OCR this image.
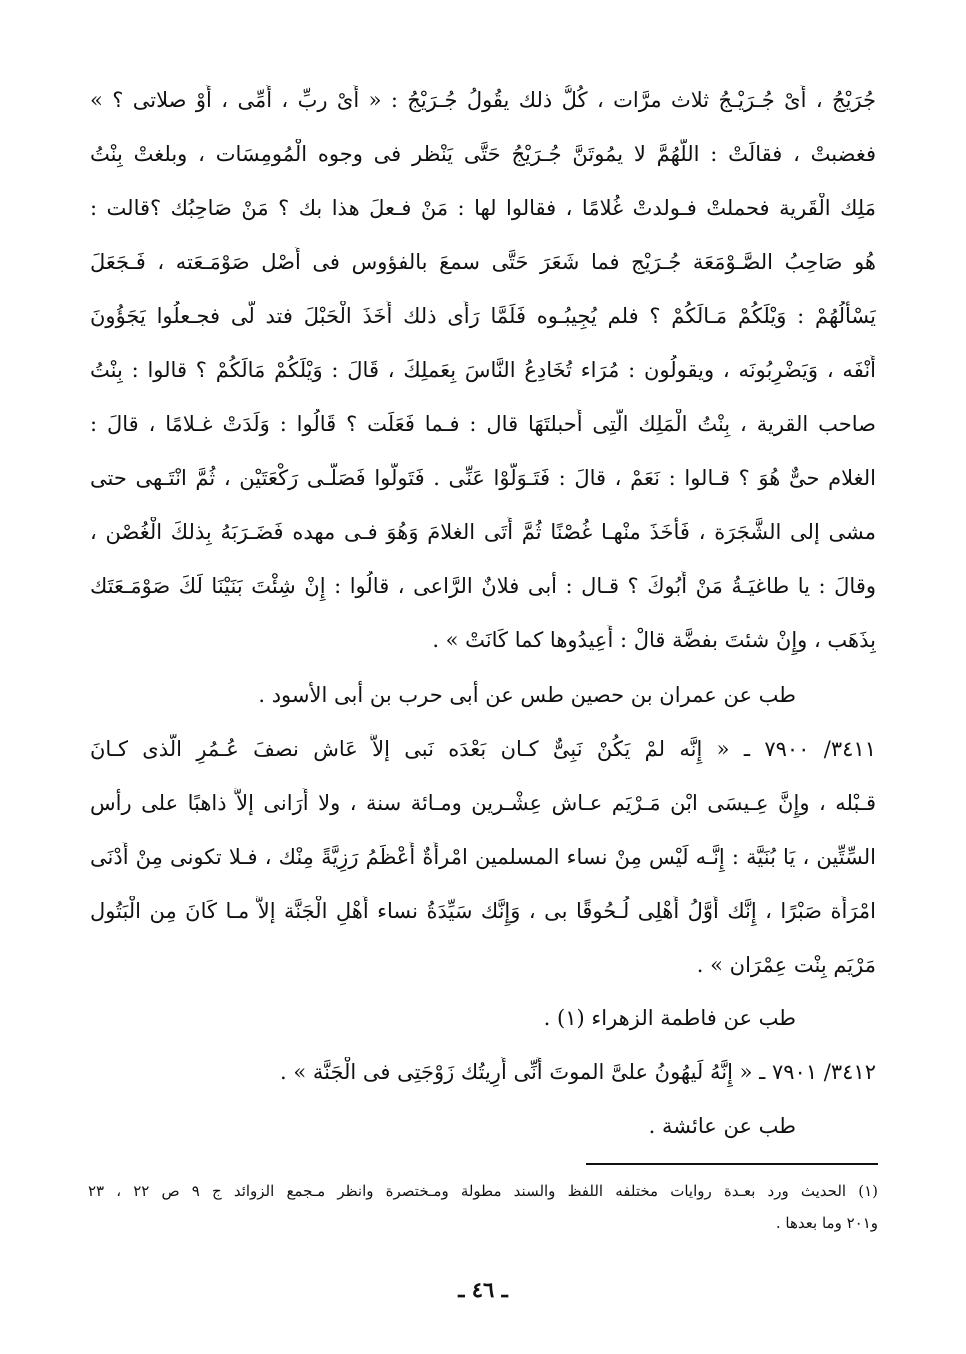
جُرَيْجُ ، أَىْ جُـرَيْـجُ ثلاث مرَّات ، كُلُّ ذلك يقُولُ جُـرَيْجُ : « أَىْ ربِّ ، أُمِّى ، أَوْ صلاتى ؟ »
فغضبتْ ، فقالَتْ : اللَّهُمَّ لا يمُوتَنَّ جُـرَيْجُ حَتَّى يَنْظر فى وجوه الْمُومِسَات ، وبلغتْ بِنْتُ
مَلِك الْقَرية فحملتْ فـولدتْ غُلامًا ، فقالوا لها : مَنْ فـعلَ هذا بك ؟ مَنْ صَاحِبُك ؟قالت :
هُو صَاحِبُ الصَّـوْمَعَة جُـرَيْج فما شَعَرَ حَتَّى سمعَ بالفؤوس فى أَصْل صَوْمَـعَته ، فَـجَعَلَ
يَسْأَلُهُمْ : وَيْلَكُمْ مَـالَكُمْ ؟ فلم يُجِيبُـوه فَلَمَّا رَأَى ذلك أَخَذَ الْحَبْلَ فتد لَّى فجـعلُوا يَجَؤُونَ
أَنْفَه ، وَيَضْرِبُونَه ، ويقولُون : مُرَاء تُخَادِعُ النَّاسَ بِعَملِكَ ، قَالَ : وَيْلَكُمْ مَالَكُمْ ؟ قالوا : بِنْتُ
صاحب القرية ، بِنْتُ الْمَلِك الَّتِى أَحبلتَهَا قال : فـما فَعَلَت ؟ قَالُوا : وَلَدَتْ غـلامًا ، قالَ :
الغلام حىٌّ هُوَ ؟ قـالوا : نَعَمْ ، قالَ : فَتَـوَلَّوْا عَنِّى . فَتَولَّوا فَصَلَّـى رَكْعَتَيْن ، ثُمَّ انْتَـهى حتى
مشى إلى الشَّجَرَة ، فَأَخَذَ منْهـا غُصْنًا ثُمَّ أَتَى الغلامَ وَهُوَ فـى مهده فَضَـرَبَهُ بِذلكَ الْغُصْن ،
وقالَ : يا طاغيَـةُ مَنْ أَبُوكَ ؟ قـال : أبى فلانٌ الرَّاعى ، قالُوا : إِنْ شِئْتَ بَنَيْنَا لَكَ صَوْمَـعَتَك
بِذَهَب ، وإِنْ شئتَ بفضَّة قالْ : أَعِيدُوها كما كَانَتْ » .
طب عن عمران بن حصين طس عن أبى حرب بن أبى الأسود .
٣٤١١/ ٧٩٠٠ ـ « إِنَّه لمْ يَكُنْ نَبِىٌّ كـان بَعْدَه نَبى إلاَّ عَاش نصفَ عُـمُرِ الَّذى كـانَ
قـبْله ، وإِنَّ عِـيسَى ابْن مَـرْيَم عـاش عِشْـرين ومـائة سنة ، ولا أُرَانى إلاَّ ذاهبًا على رأس
السِّتِّين ، يَا بُنَيَّة : إِنَّـه لَيْس مِنْ نساء المسلمين امْرأَةٌ أَعْظَمُ رَزِيَّةً مِنْك ، فـلا تكونى مِنْ أَدْنَى
امْرَأَة صَبْرًا ، إِنَّك أَوَّلُ أَهْلِى لُـحُوقًا بى ، وَإِنَّك سَيِّدَةُ نساء أَهْلِ الْجَنَّة إلاَّ مـا كَانَ مِن الْبَتُول
مَرْيَم بِنْت عِمْرَان » .
طب عن فاطمة الزهراء (١) .
٣٤١٢/ ٧٩٠١ ـ « إِنَّهُ لَيهُونُ علىَّ الموتَ أَنِّى أُرِيتُك زَوْجَتِى فى الْجَنَّة » .
طب عن عائشة .
(١) الحديث ورد بعـدة روايات مختلفه اللفظ والسند مطولة ومـختصرة وانظر مـجمع الزوائد ج ٩ ص ٢٢ ، ٢٣
و٢٠١ وما بعدها .
ـ ٤٦ ـ
